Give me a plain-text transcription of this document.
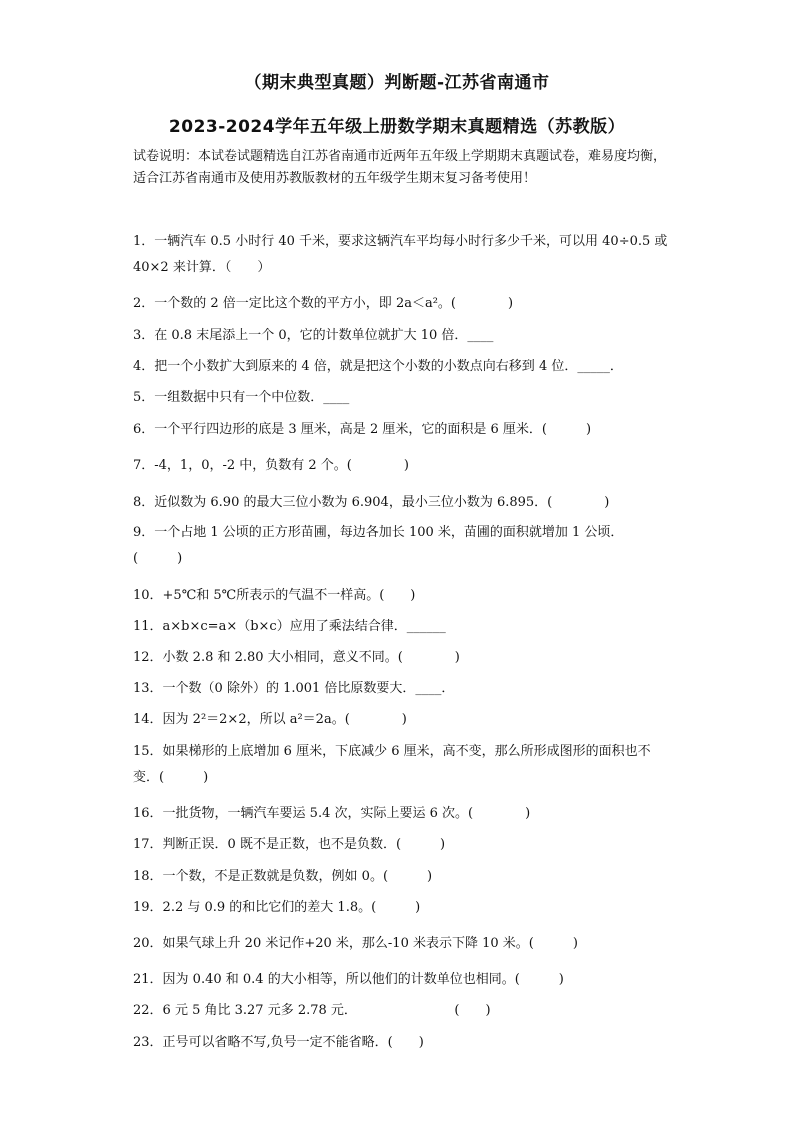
（期末典型真题）判断题-江苏省南通市
2023-2024学年五年级上册数学期末真题精选（苏教版）
试卷说明：本试卷试题精选自江苏省南通市近两年五年级上学期期末真题试卷，难易度均衡，适合江苏省南通市及使用苏教版教材的五年级学生期末复习备考使用！
1．一辆汽车 0.5 小时行 40 千米，要求这辆汽车平均每小时行多少千米，可以用 40÷0.5 或 40×2 来计算．（　　）
2．一个数的 2 倍一定比这个数的平方小，即 2a＜a²。(　　　　)
3．在 0.8 末尾添上一个 0，它的计数单位就扩大 10 倍．____
4．把一个小数扩大到原来的 4 倍，就是把这个小数的小数点向右移到 4 位．_____．
5．一组数据中只有一个中位数．____
6．一个平行四边形的底是 3 厘米，高是 2 厘米，它的面积是 6 厘米．(　　　)
7．-4，1，0，-2 中，负数有 2 个。(　　　　)
8．近似数为 6.90 的最大三位小数为 6.904，最小三位小数为 6.895．(　　　　)
9．一个占地 1 公顷的正方形苗圃，每边各加长 100 米，苗圃的面积就增加 1 公顷．(　　　)
10．+5℃和 5℃所表示的气温不一样高。(　　)
11．a×b×c=a×（b×c）应用了乘法结合律．______
12．小数 2.8 和 2.80 大小相同，意义不同。(　　　　)
13．一个数（0 除外）的 1.001 倍比原数要大．____．
14．因为 2²＝2×2，所以 a²＝2a。(　　　　)
15．如果梯形的上底增加 6 厘米，下底减少 6 厘米，高不变，那么所形成图形的面积也不变．(　　　)
16．一批货物，一辆汽车要运 5.4 次，实际上要运 6 次。(　　　　)
17．判断正误．0 既不是正数，也不是负数．(　　　)
18．一个数，不是正数就是负数，例如 0。(　　　)
19．2.2 与 0.9 的和比它们的差大 1.8。(　　　)
20．如果气球上升 20 米记作+20 米，那么-10 米表示下降 10 米。(　　　)
21．因为 0.40 和 0.4 的大小相等，所以他们的计数单位也相同。(　　　)
22．6 元 5 角比 3.27 元多 2.78 元．　　　　　　　　(　　)
23．正号可以省略不写,负号一定不能省略．(　　)
